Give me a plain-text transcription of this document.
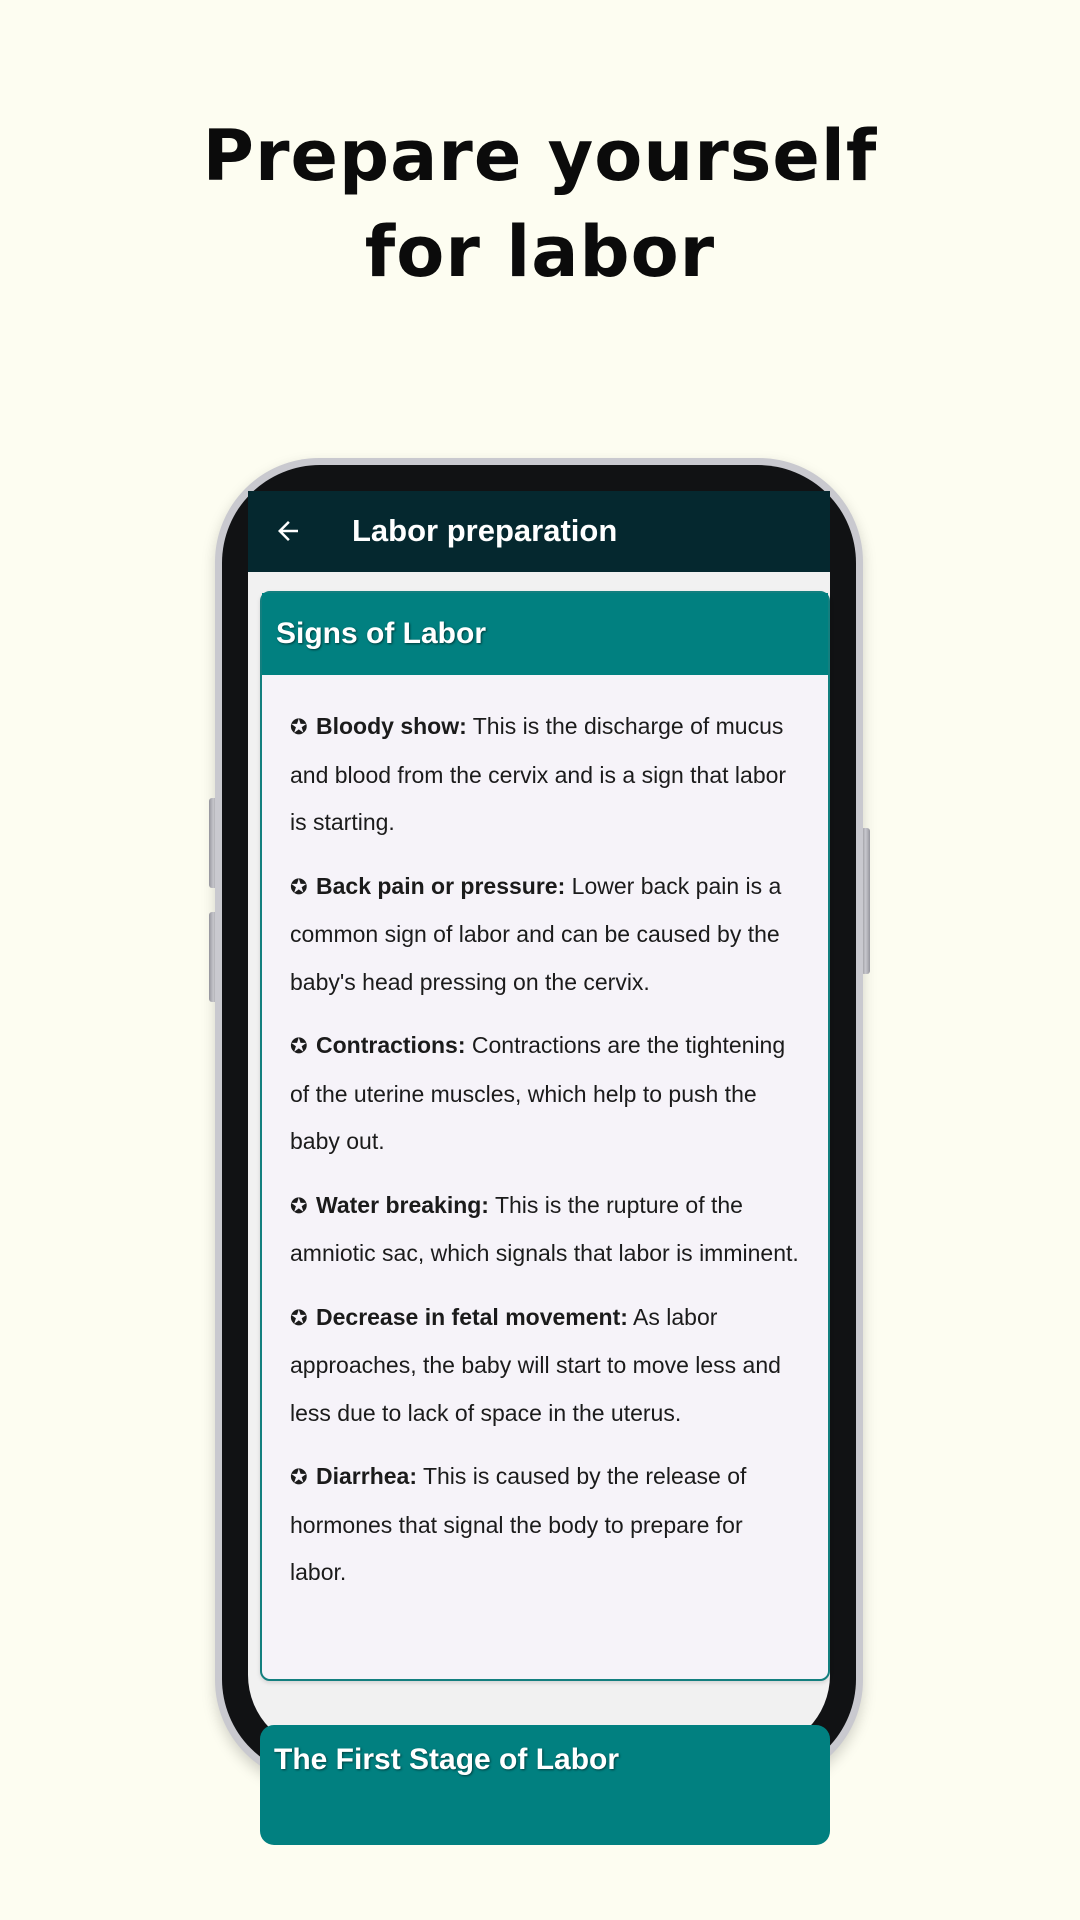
Prepare yourself
for labor
Labor preparation
Signs of Labor
✪ Bloody show: This is the discharge of mucus and blood from the cervix and is a sign that labor is starting.
✪ Back pain or pressure: Lower back pain is a common sign of labor and can be caused by the baby's head pressing on the cervix.
✪ Contractions: Contractions are the tightening of the uterine muscles, which help to push the baby out.
✪ Water breaking: This is the rupture of the amniotic sac, which signals that labor is imminent.
✪ Decrease in fetal movement: As labor approaches, the baby will start to move less and less due to lack of space in the uterus.
✪ Diarrhea: This is caused by the release of hormones that signal the body to prepare for labor.
The First Stage of Labor
